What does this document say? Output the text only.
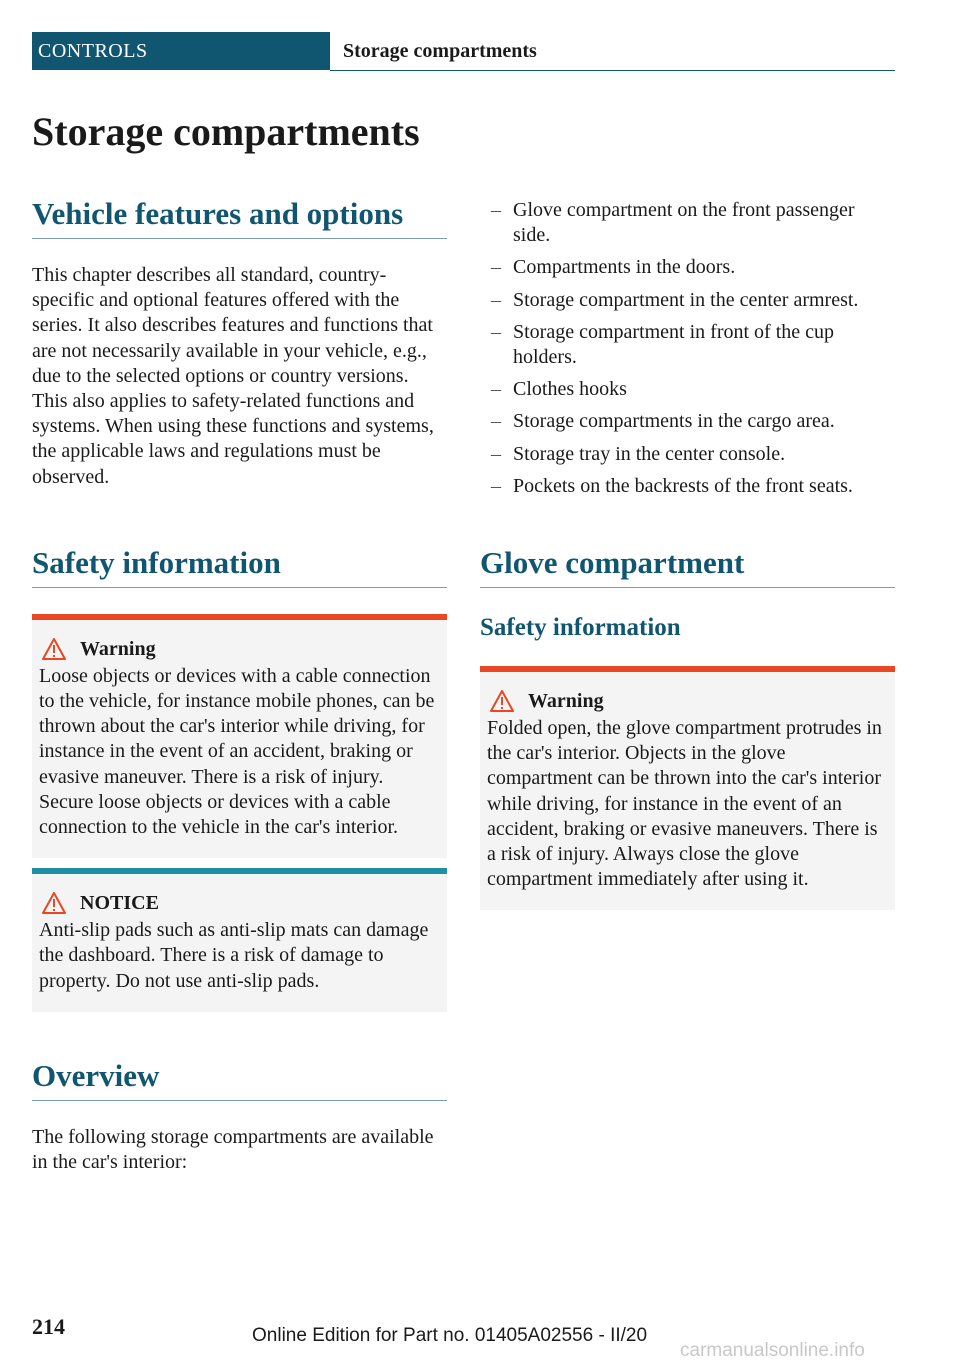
CONTROLS	Storage compartments
Storage compartments
Vehicle features and options

This chapter describes all standard, country-specific and optional features offered with the series. It also describes features and functions that are not necessarily available in your vehicle, e.g., due to the selected options or country versions. This also applies to safety-related functions and systems. When using these functions and systems, the applicable laws and regulations must be observed.

Safety information
Warning

Loose objects or devices with a cable connection to the vehicle, for instance mobile phones, can be thrown about the car's interior while driving, for instance in the event of an accident, braking or evasive maneuver. There is a risk of injury. Secure loose objects or devices with a cable connection to the vehicle in the car's interior.

NOTICE

Anti-slip pads such as anti-slip mats can damage the dashboard. There is a risk of damage to property. Do not use anti-slip pads.

Overview

The following storage compartments are available in the car's interior:

– Glove compartment on the front passenger side.
– Compartments in the doors.
– Storage compartment in the center armrest.
– Storage compartment in front of the cup holders.
– Clothes hooks
– Storage compartments in the cargo area.
– Storage tray in the center console.
– Pockets on the backrests of the front seats.
Glove compartment
Safety information
Warning

Folded open, the glove compartment protrudes in the car's interior. Objects in the glove compartment can be thrown into the car's interior while driving, for instance in the event of an accident, braking or evasive maneuvers. There is a risk of injury. Always close the glove compartment immediately after using it.

214	Online Edition for Part no. 01405A02556 - II/20
carmanualsonline.info
